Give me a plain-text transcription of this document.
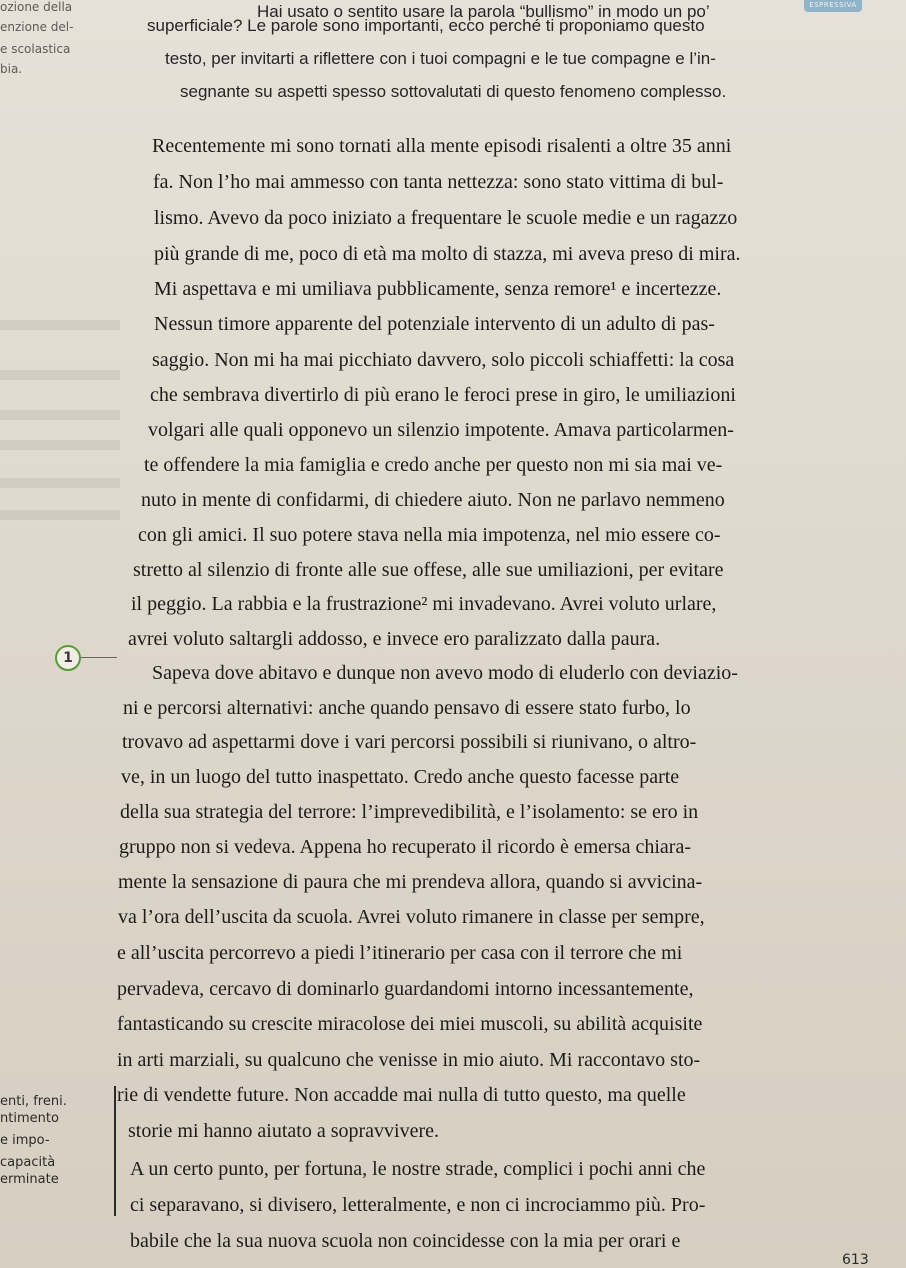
ozione della
enzione del-
e scolastica
bia.
ESPRESSIVA
Hai usato o sentito usare la parola “bullismo” in modo un po’
superficiale? Le parole sono importanti, ecco perché ti proponiamo questo
testo, per invitarti a riflettere con i tuoi compagni e le tue compagne e l’in-
segnante su aspetti spesso sottovalutati di questo fenomeno complesso.
Recentemente mi sono tornati alla mente episodi risalenti a oltre 35 anni
fa. Non l’ho mai ammesso con tanta nettezza: sono stato vittima di bul-
lismo. Avevo da poco iniziato a frequentare le scuole medie e un ragazzo
più grande di me, poco di età ma molto di stazza, mi aveva preso di mira.
Mi aspettava e mi umiliava pubblicamente, senza remore¹ e incertezze.
Nessun timore apparente del potenziale intervento di un adulto di pas-
saggio. Non mi ha mai picchiato davvero, solo piccoli schiaffetti: la cosa
che sembrava divertirlo di più erano le feroci prese in giro, le umiliazioni
volgari alle quali opponevo un silenzio impotente. Amava particolarmen-
te offendere la mia famiglia e credo anche per questo non mi sia mai ve-
nuto in mente di confidarmi, di chiedere aiuto. Non ne parlavo nemmeno
con gli amici. Il suo potere stava nella mia impotenza, nel mio essere co-
stretto al silenzio di fronte alle sue offese, alle sue umiliazioni, per evitare
il peggio. La rabbia e la frustrazione² mi invadevano. Avrei voluto urlare,
avrei voluto saltargli addosso, e invece ero paralizzato dalla paura.
Sapeva dove abitavo e dunque non avevo modo di eluderlo con deviazio-
ni e percorsi alternativi: anche quando pensavo di essere stato furbo, lo
trovavo ad aspettarmi dove i vari percorsi possibili si riunivano, o altro-
ve, in un luogo del tutto inaspettato. Credo anche questo facesse parte
della sua strategia del terrore: l’imprevedibilità, e l’isolamento: se ero in
gruppo non si vedeva. Appena ho recuperato il ricordo è emersa chiara-
mente la sensazione di paura che mi prendeva allora, quando si avvicina-
va l’ora dell’uscita da scuola. Avrei voluto rimanere in classe per sempre,
e all’uscita percorrevo a piedi l’itinerario per casa con il terrore che mi
pervadeva, cercavo di dominarlo guardandomi intorno incessantemente,
fantasticando su crescite miracolose dei miei muscoli, su abilità acquisite
in arti marziali, su qualcuno che venisse in mio aiuto. Mi raccontavo sto-
rie di vendette future. Non accadde mai nulla di tutto questo, ma quelle
storie mi hanno aiutato a sopravvivere.
A un certo punto, per fortuna, le nostre strade, complici i pochi anni che
ci separavano, si divisero, letteralmente, e non ci incrociammo più. Pro-
babile che la sua nuova scuola non coincidesse con la mia per orari e
1
enti, freni.
ntimento
e impo-
capacità
erminate
613
